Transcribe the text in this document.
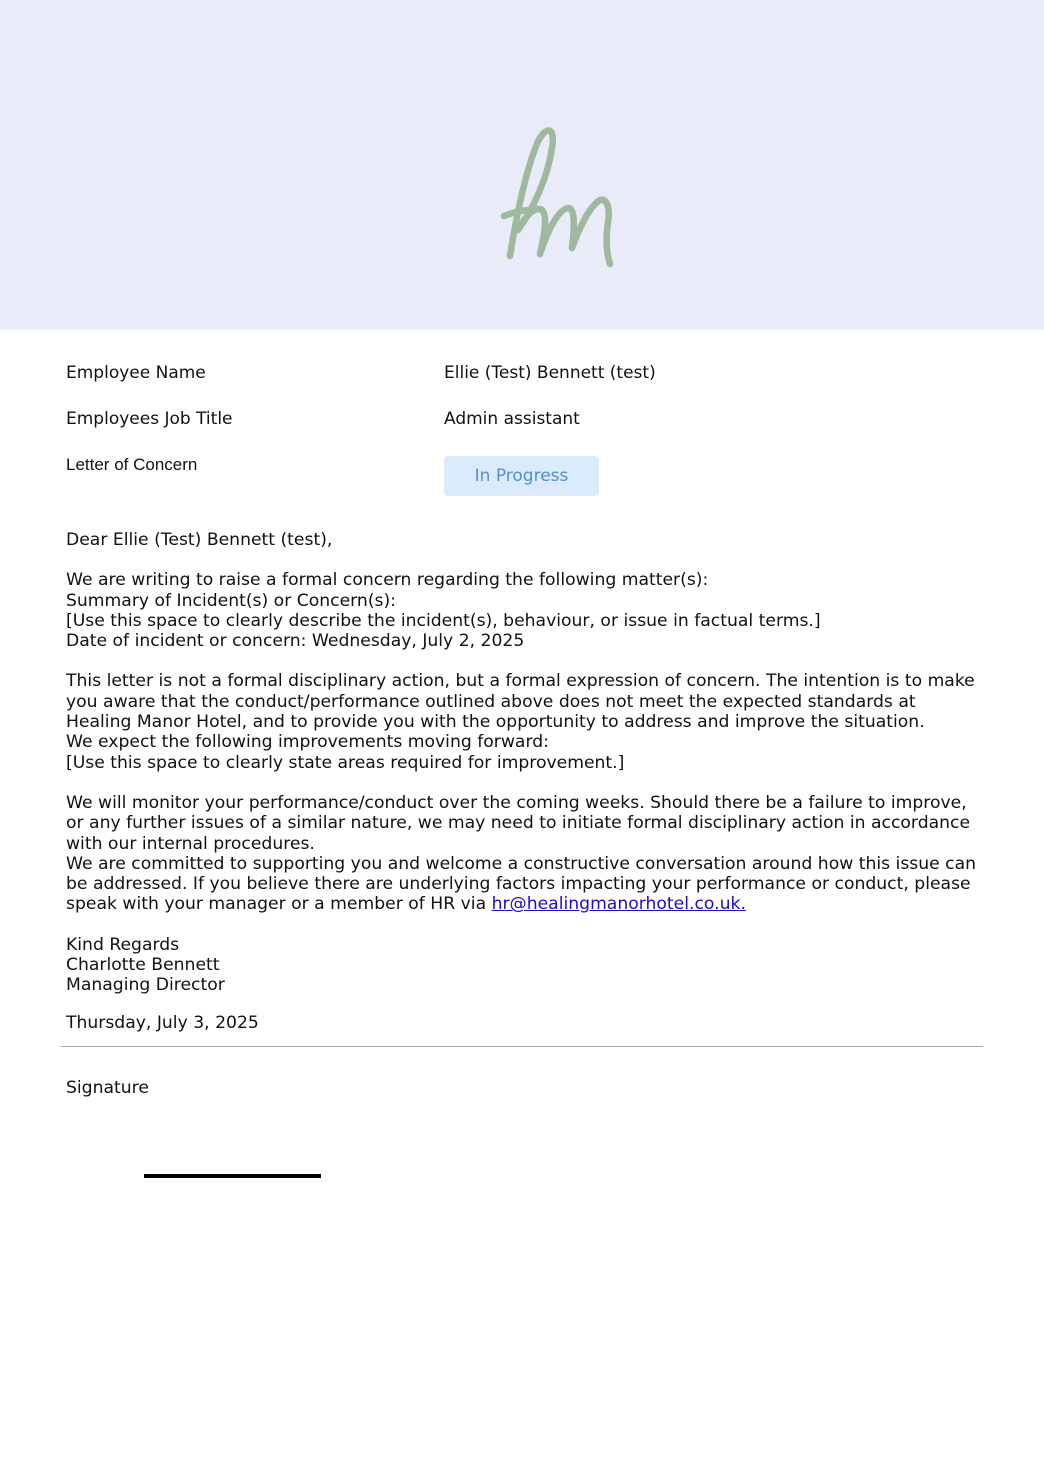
Employee Name	Ellie (Test) Bennett (test)
Employees Job Title	Admin assistant
Letter of Concern
In Progress

Dear Ellie (Test) Bennett (test),

We are writing to raise a formal concern regarding the following matter(s):
Summary of Incident(s) or Concern(s):
[Use this space to clearly describe the incident(s), behaviour, or issue in factual terms.]
Date of incident or concern: Wednesday, July 2, 2025

This letter is not a formal disciplinary action, but a formal expression of concern. The intention is to make you aware that the conduct/performance outlined above does not meet the expected standards at Healing Manor Hotel, and to provide you with the opportunity to address and improve the situation.
We expect the following improvements moving forward:
[Use this space to clearly state areas required for improvement.]

We will monitor your performance/conduct over the coming weeks. Should there be a failure to improve, or any further issues of a similar nature, we may need to initiate formal disciplinary action in accordance with our internal procedures.
We are committed to supporting you and welcome a constructive conversation around how this issue can be addressed. If you believe there are underlying factors impacting your performance or conduct, please speak with your manager or a member of HR via hr@healingmanorhotel.co.uk.

Kind Regards
Charlotte Bennett
Managing Director

Thursday, July 3, 2025
Signature
